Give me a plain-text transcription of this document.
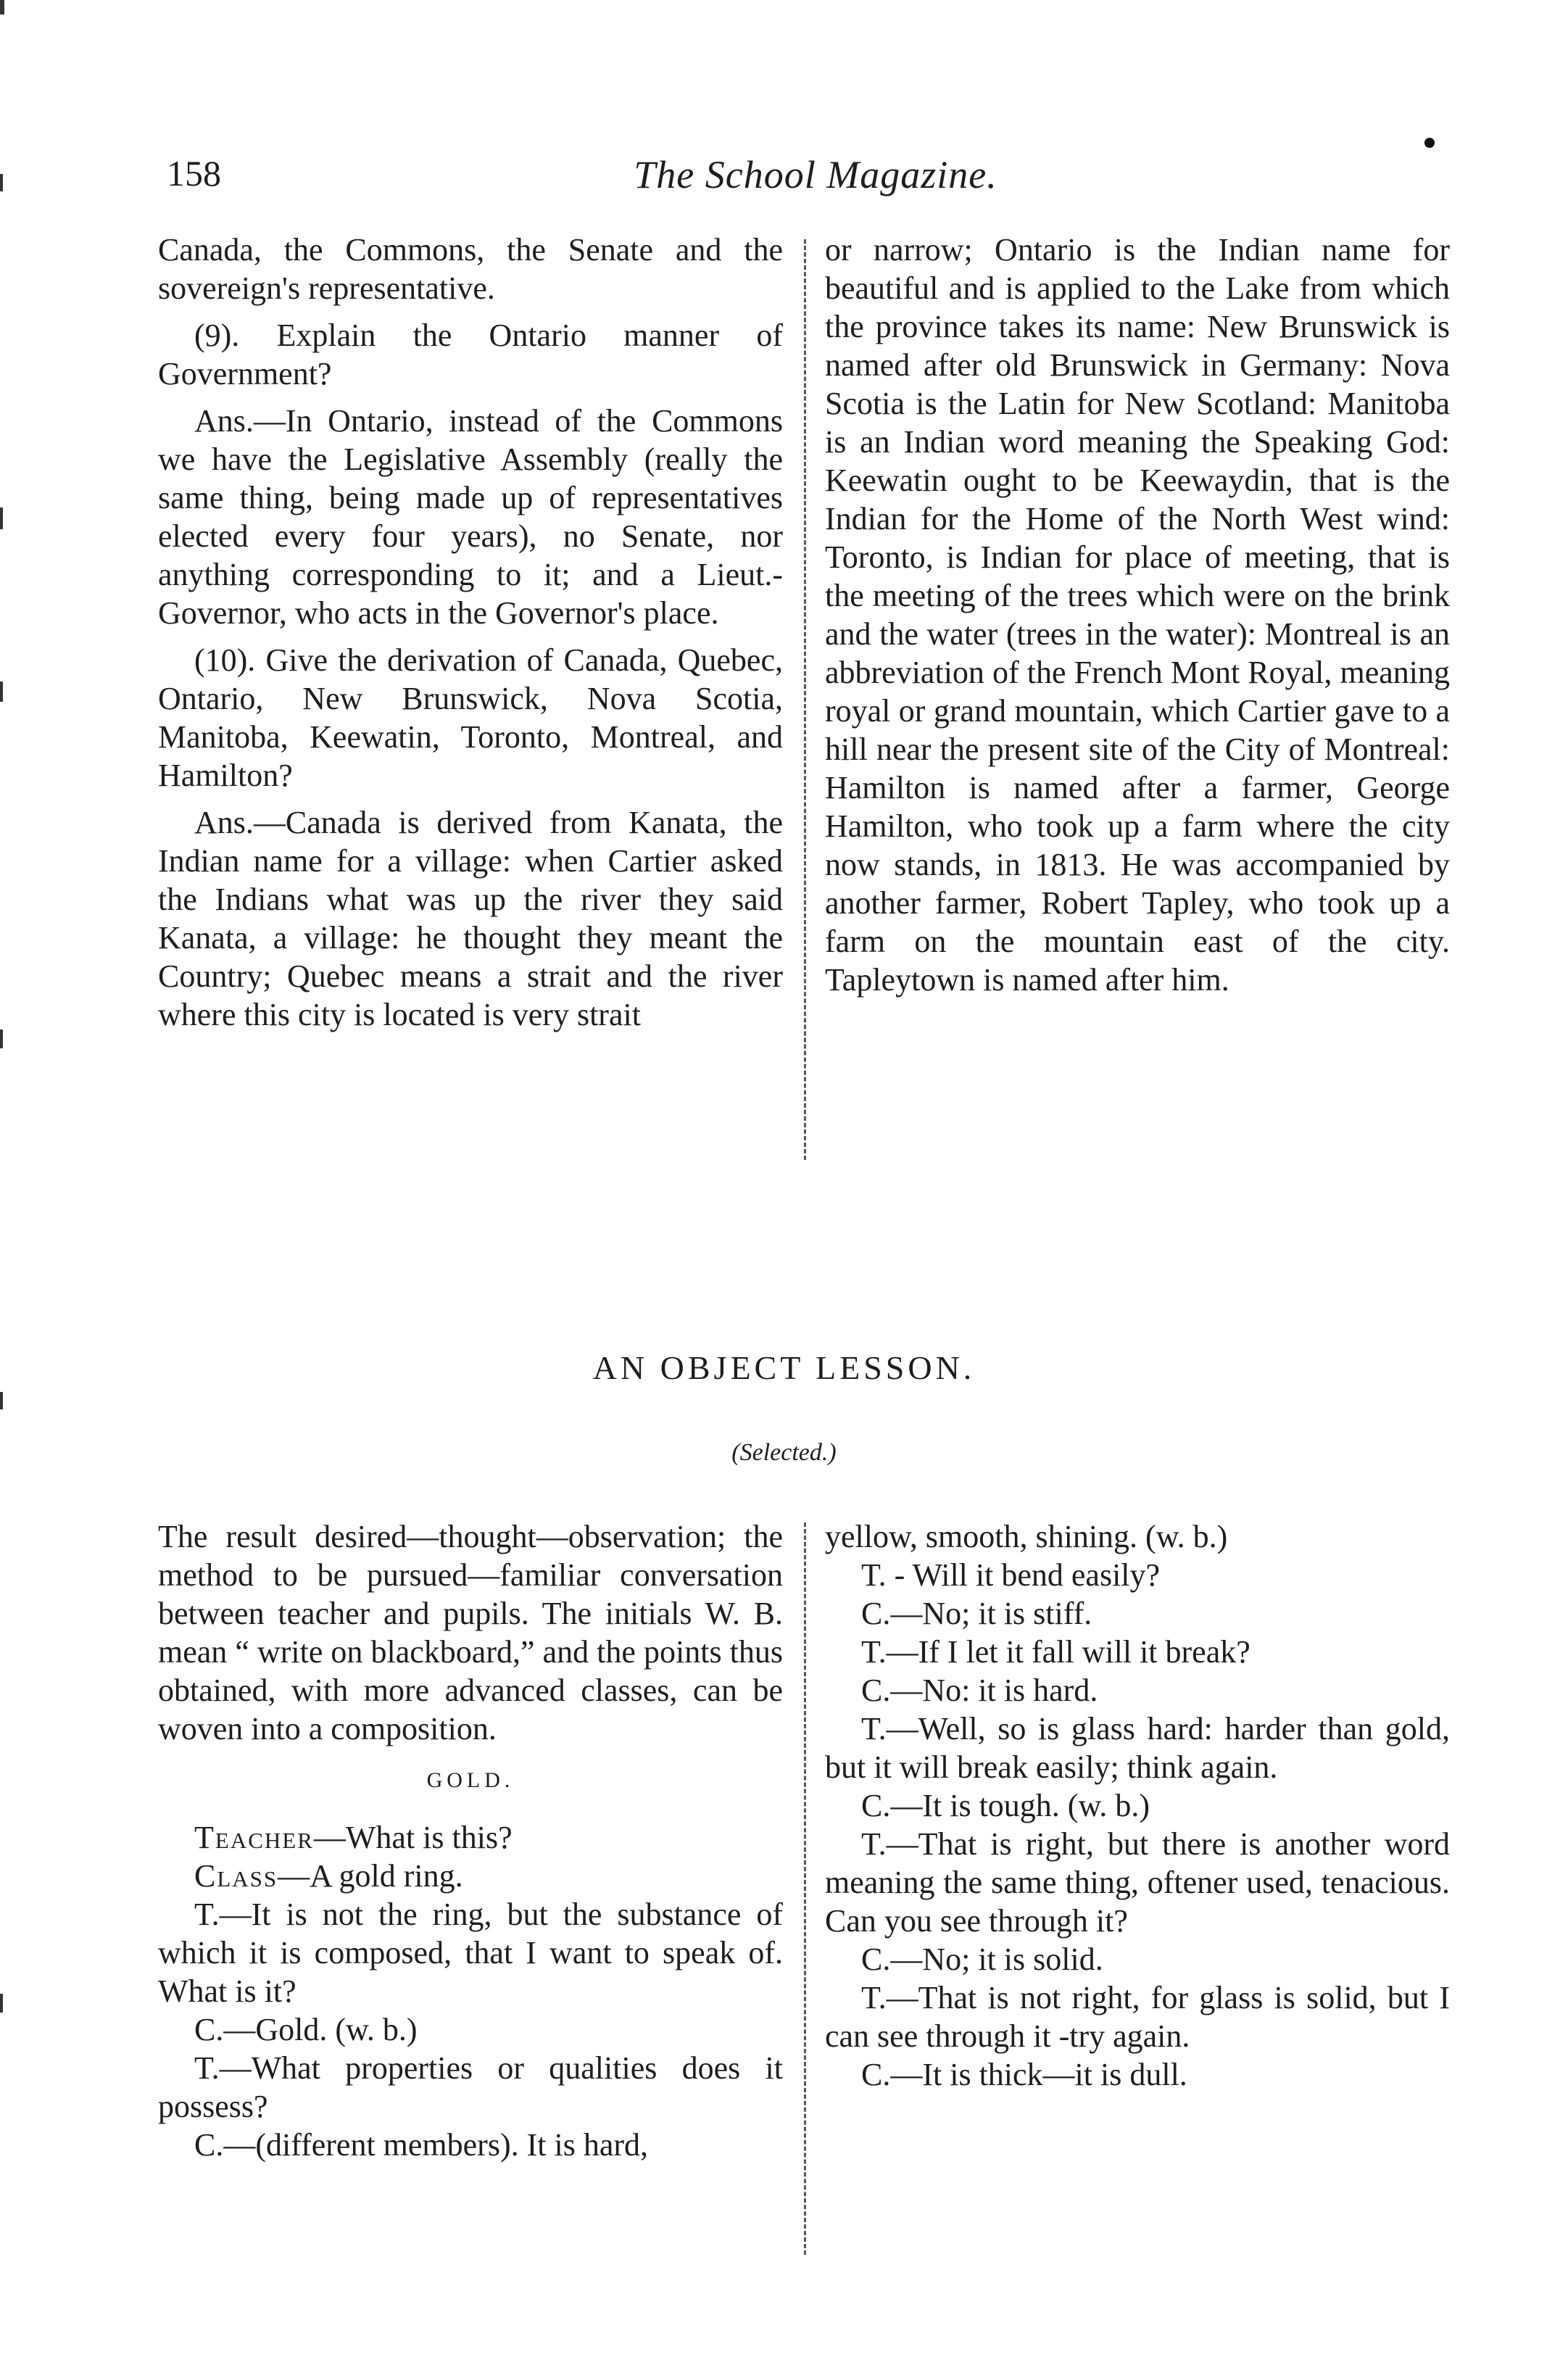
158	The School Magazine.

Canada, the Commons, the Senate and the sovereign's representative.

(9). Explain the Ontario manner of Government?

Ans.—In Ontario, instead of the Commons we have the Legislative Assembly (really the same thing, being made up of representatives elected every four years), no Senate, nor anything corresponding to it; and a Lieut.-Governor, who acts in the Governor's place.

(10). Give the derivation of Canada, Quebec, Ontario, New Brunswick, Nova Scotia, Manitoba, Keewatin, Toronto, Montreal, and Hamilton?

Ans.—Canada is derived from Kanata, the Indian name for a village: when Cartier asked the Indians what was up the river they said Kanata, a village: he thought they meant the Country; Quebec means a strait and the river where this city is located is very strait

or narrow; Ontario is the Indian name for beautiful and is applied to the Lake from which the province takes its name: New Brunswick is named after old Brunswick in Germany: Nova Scotia is the Latin for New Scotland: Manitoba is an Indian word meaning the Speaking God: Keewatin ought to be Keewaydin, that is the Indian for the Home of the North West wind: Toronto, is Indian for place of meeting, that is the meeting of the trees which were on the brink and the water (trees in the water): Montreal is an abbreviation of the French Mont Royal, meaning royal or grand mountain, which Cartier gave to a hill near the present site of the City of Montreal: Hamilton is named after a farmer, George Hamilton, who took up a farm where the city now stands, in 1813. He was accompanied by another farmer, Robert Tapley, who took up a farm on the mountain east of the city. Tapleytown is named after him.

AN OBJECT LESSON.
(Selected.)

The result desired—thought—observation; the method to be pursued—familiar conversation between teacher and pupils. The initials W. B. mean “ write on blackboard,” and the points thus obtained, with more advanced classes, can be woven into a composition.

GOLD.

Teacher—What is this?

Class—A gold ring.

T.—It is not the ring, but the substance of which it is composed, that I want to speak of. What is it?

C.—Gold. (w. b.)

T.—What properties or qualities does it possess?

C.—(different members). It is hard,

yellow, smooth, shining. (w. b.)

T. - Will it bend easily?

C.—No; it is stiff.

T.—If I let it fall will it break?

C.—No: it is hard.

T.—Well, so is glass hard: harder than gold, but it will break easily; think again.

C.—It is tough. (w. b.)

T.—That is right, but there is another word meaning the same thing, oftener used, tenacious. Can you see through it?

C.—No; it is solid.

T.—That is not right, for glass is solid, but I can see through it -try again.

C.—It is thick—it is dull.
